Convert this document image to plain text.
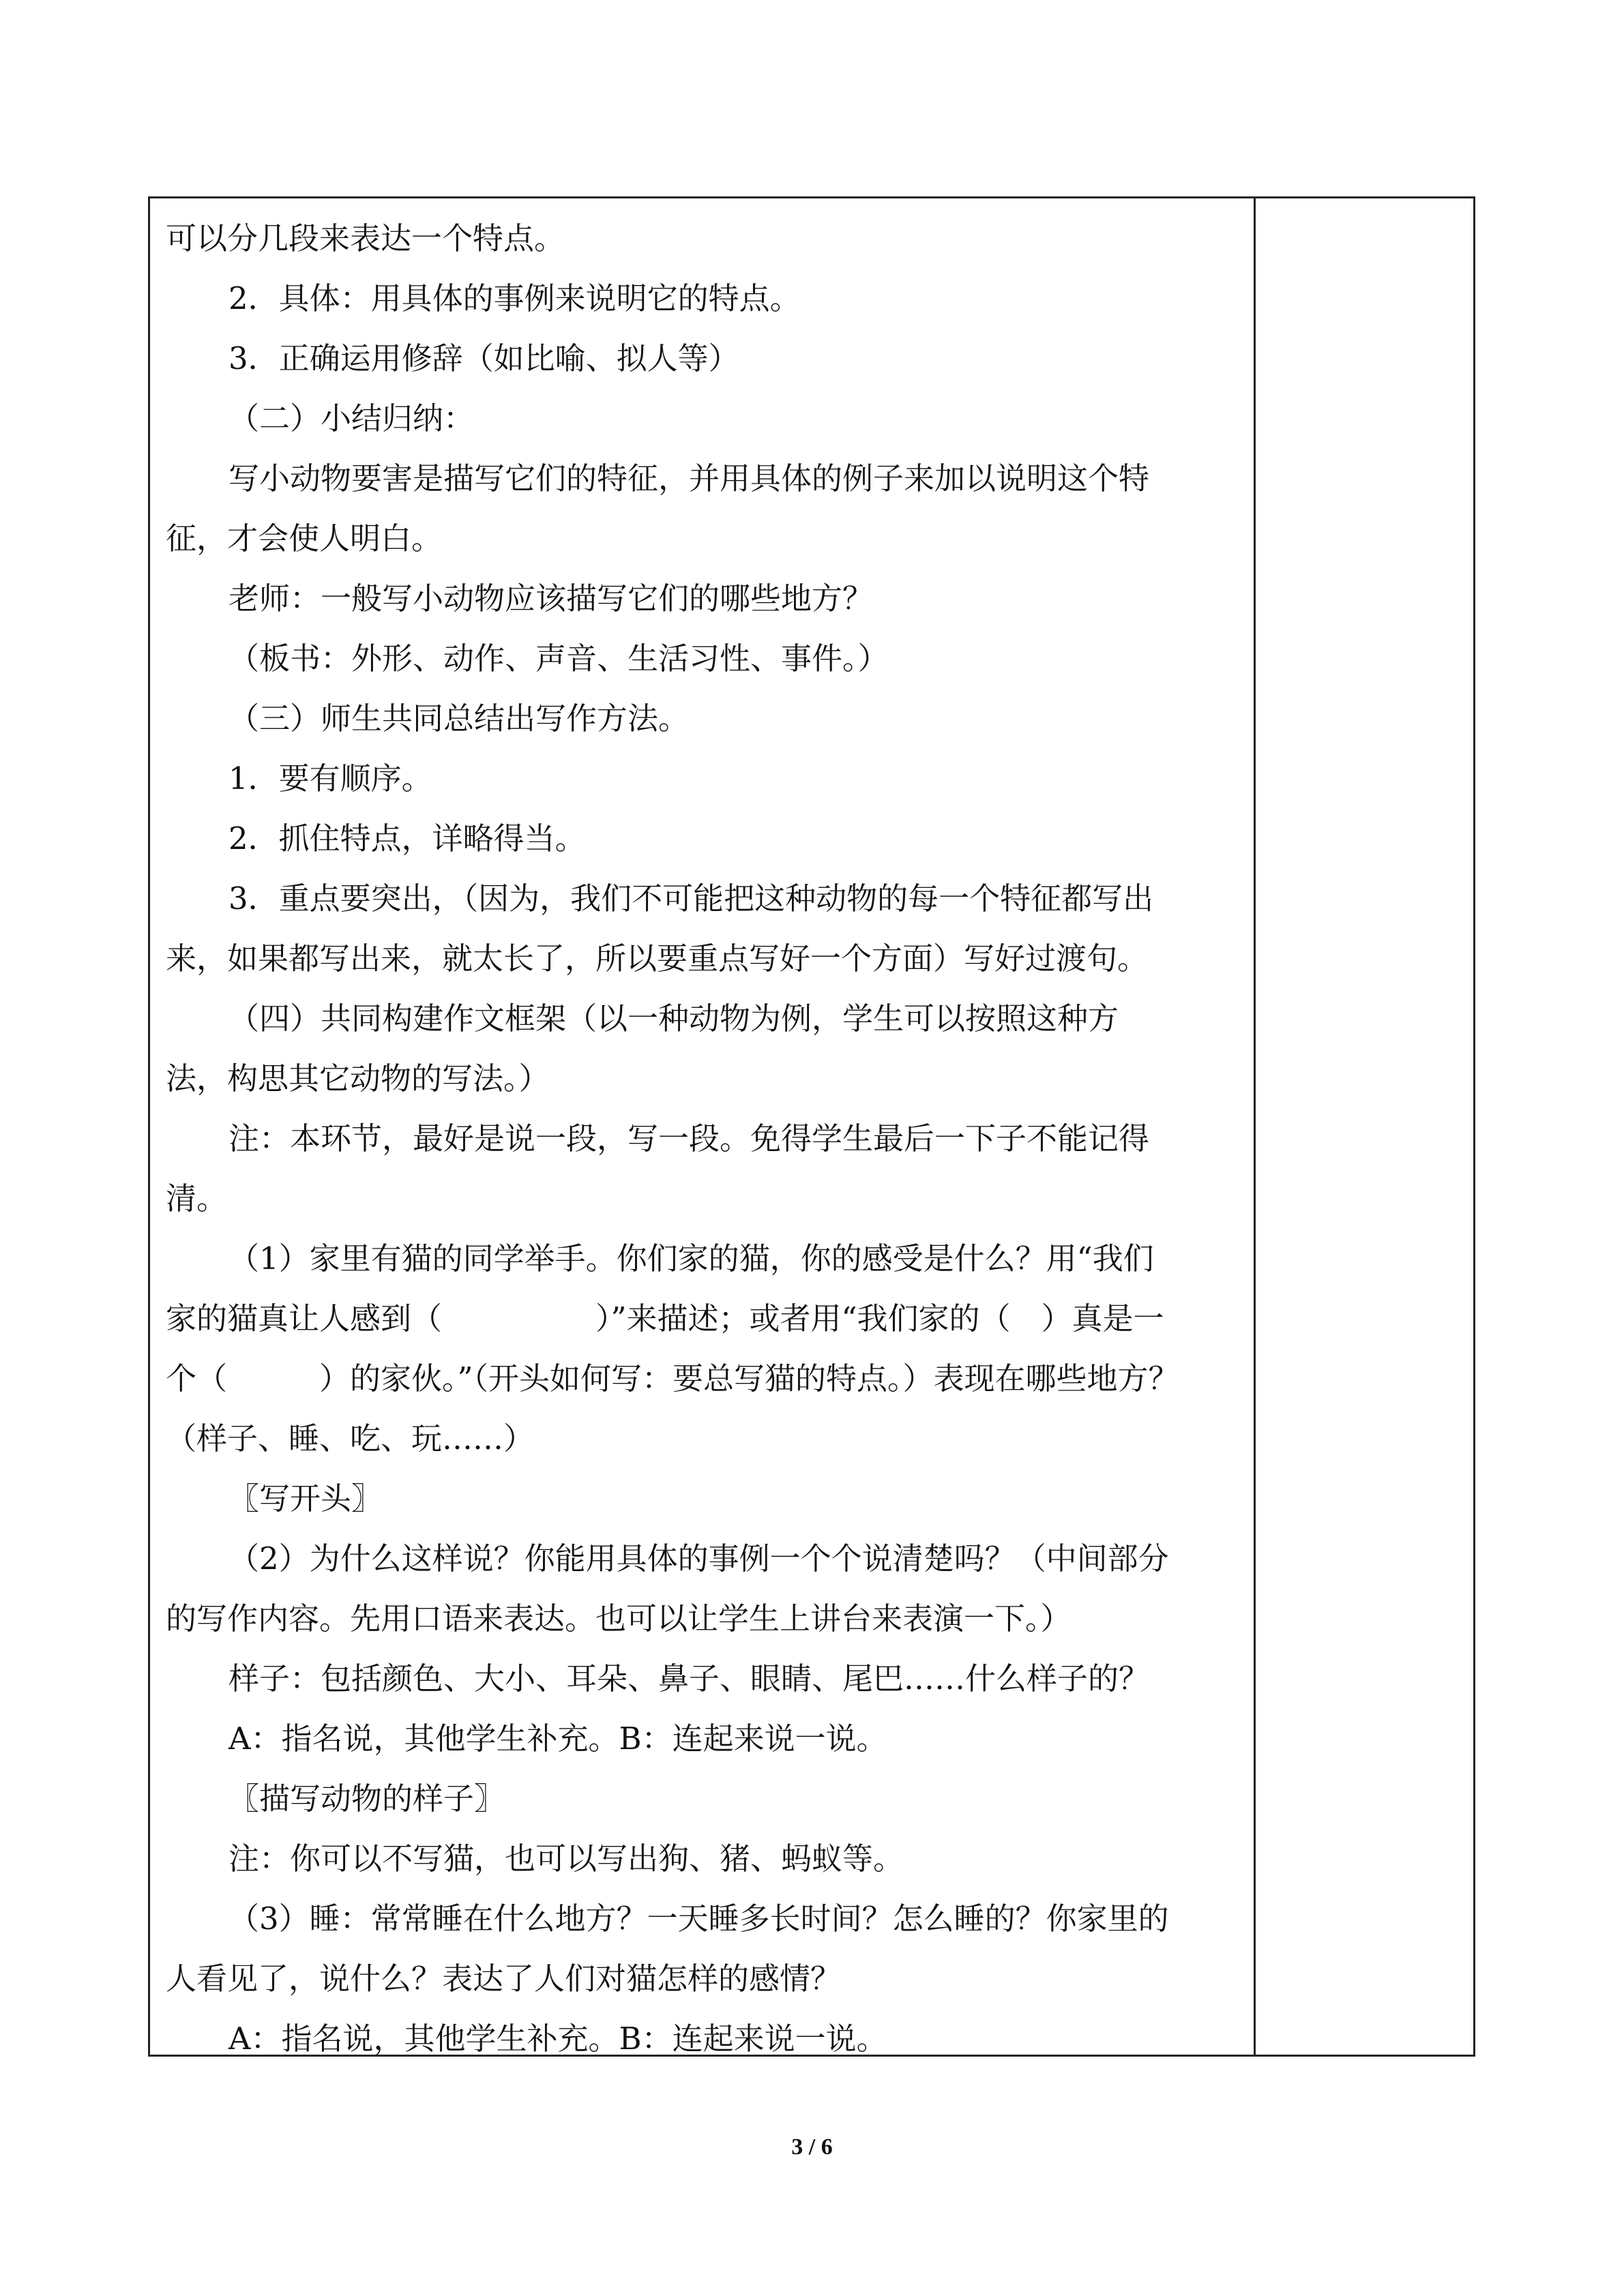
可以分几段来表达一个特点。
2．具体：用具体的事例来说明它的特点。
3．正确运用修辞（如比喻、拟人等）
（二）小结归纳：
写小动物要害是描写它们的特征，并用具体的例子来加以说明这个特
征，才会使人明白。
老师：一般写小动物应该描写它们的哪些地方？
（板书：外形、动作、声音、生活习性、事件。）
（三）师生共同总结出写作方法。
1．要有顺序。
2．抓住特点，详略得当。
3．重点要突出，（因为，我们不可能把这种动物的每一个特征都写出
来，如果都写出来，就太长了，所以要重点写好一个方面）写好过渡句。
（四）共同构建作文框架（以一种动物为例，学生可以按照这种方
法，构思其它动物的写法。）
注：本环节，最好是说一段，写一段。免得学生最后一下子不能记得
清。
（1）家里有猫的同学举手。你们家的猫，你的感受是什么？用“我们
家的猫真让人感到（　　　　　）”来描述；或者用“我们家的（　）真是一
个（　　　）的家伙。”（开头如何写：要总写猫的特点。）表现在哪些地方？
（样子、睡、吃、玩……）
〖写开头〗
（2）为什么这样说？你能用具体的事例一个个说清楚吗？（中间部分
的写作内容。先用口语来表达。也可以让学生上讲台来表演一下。）
样子：包括颜色、大小、耳朵、鼻子、眼睛、尾巴……什么样子的？
A：指名说，其他学生补充。B：连起来说一说。
〖描写动物的样子〗
注：你可以不写猫，也可以写出狗、猪、蚂蚁等。
（3）睡：常常睡在什么地方？一天睡多长时间？怎么睡的？你家里的
人看见了，说什么？表达了人们对猫怎样的感情？
A：指名说，其他学生补充。B：连起来说一说。
3 / 6
